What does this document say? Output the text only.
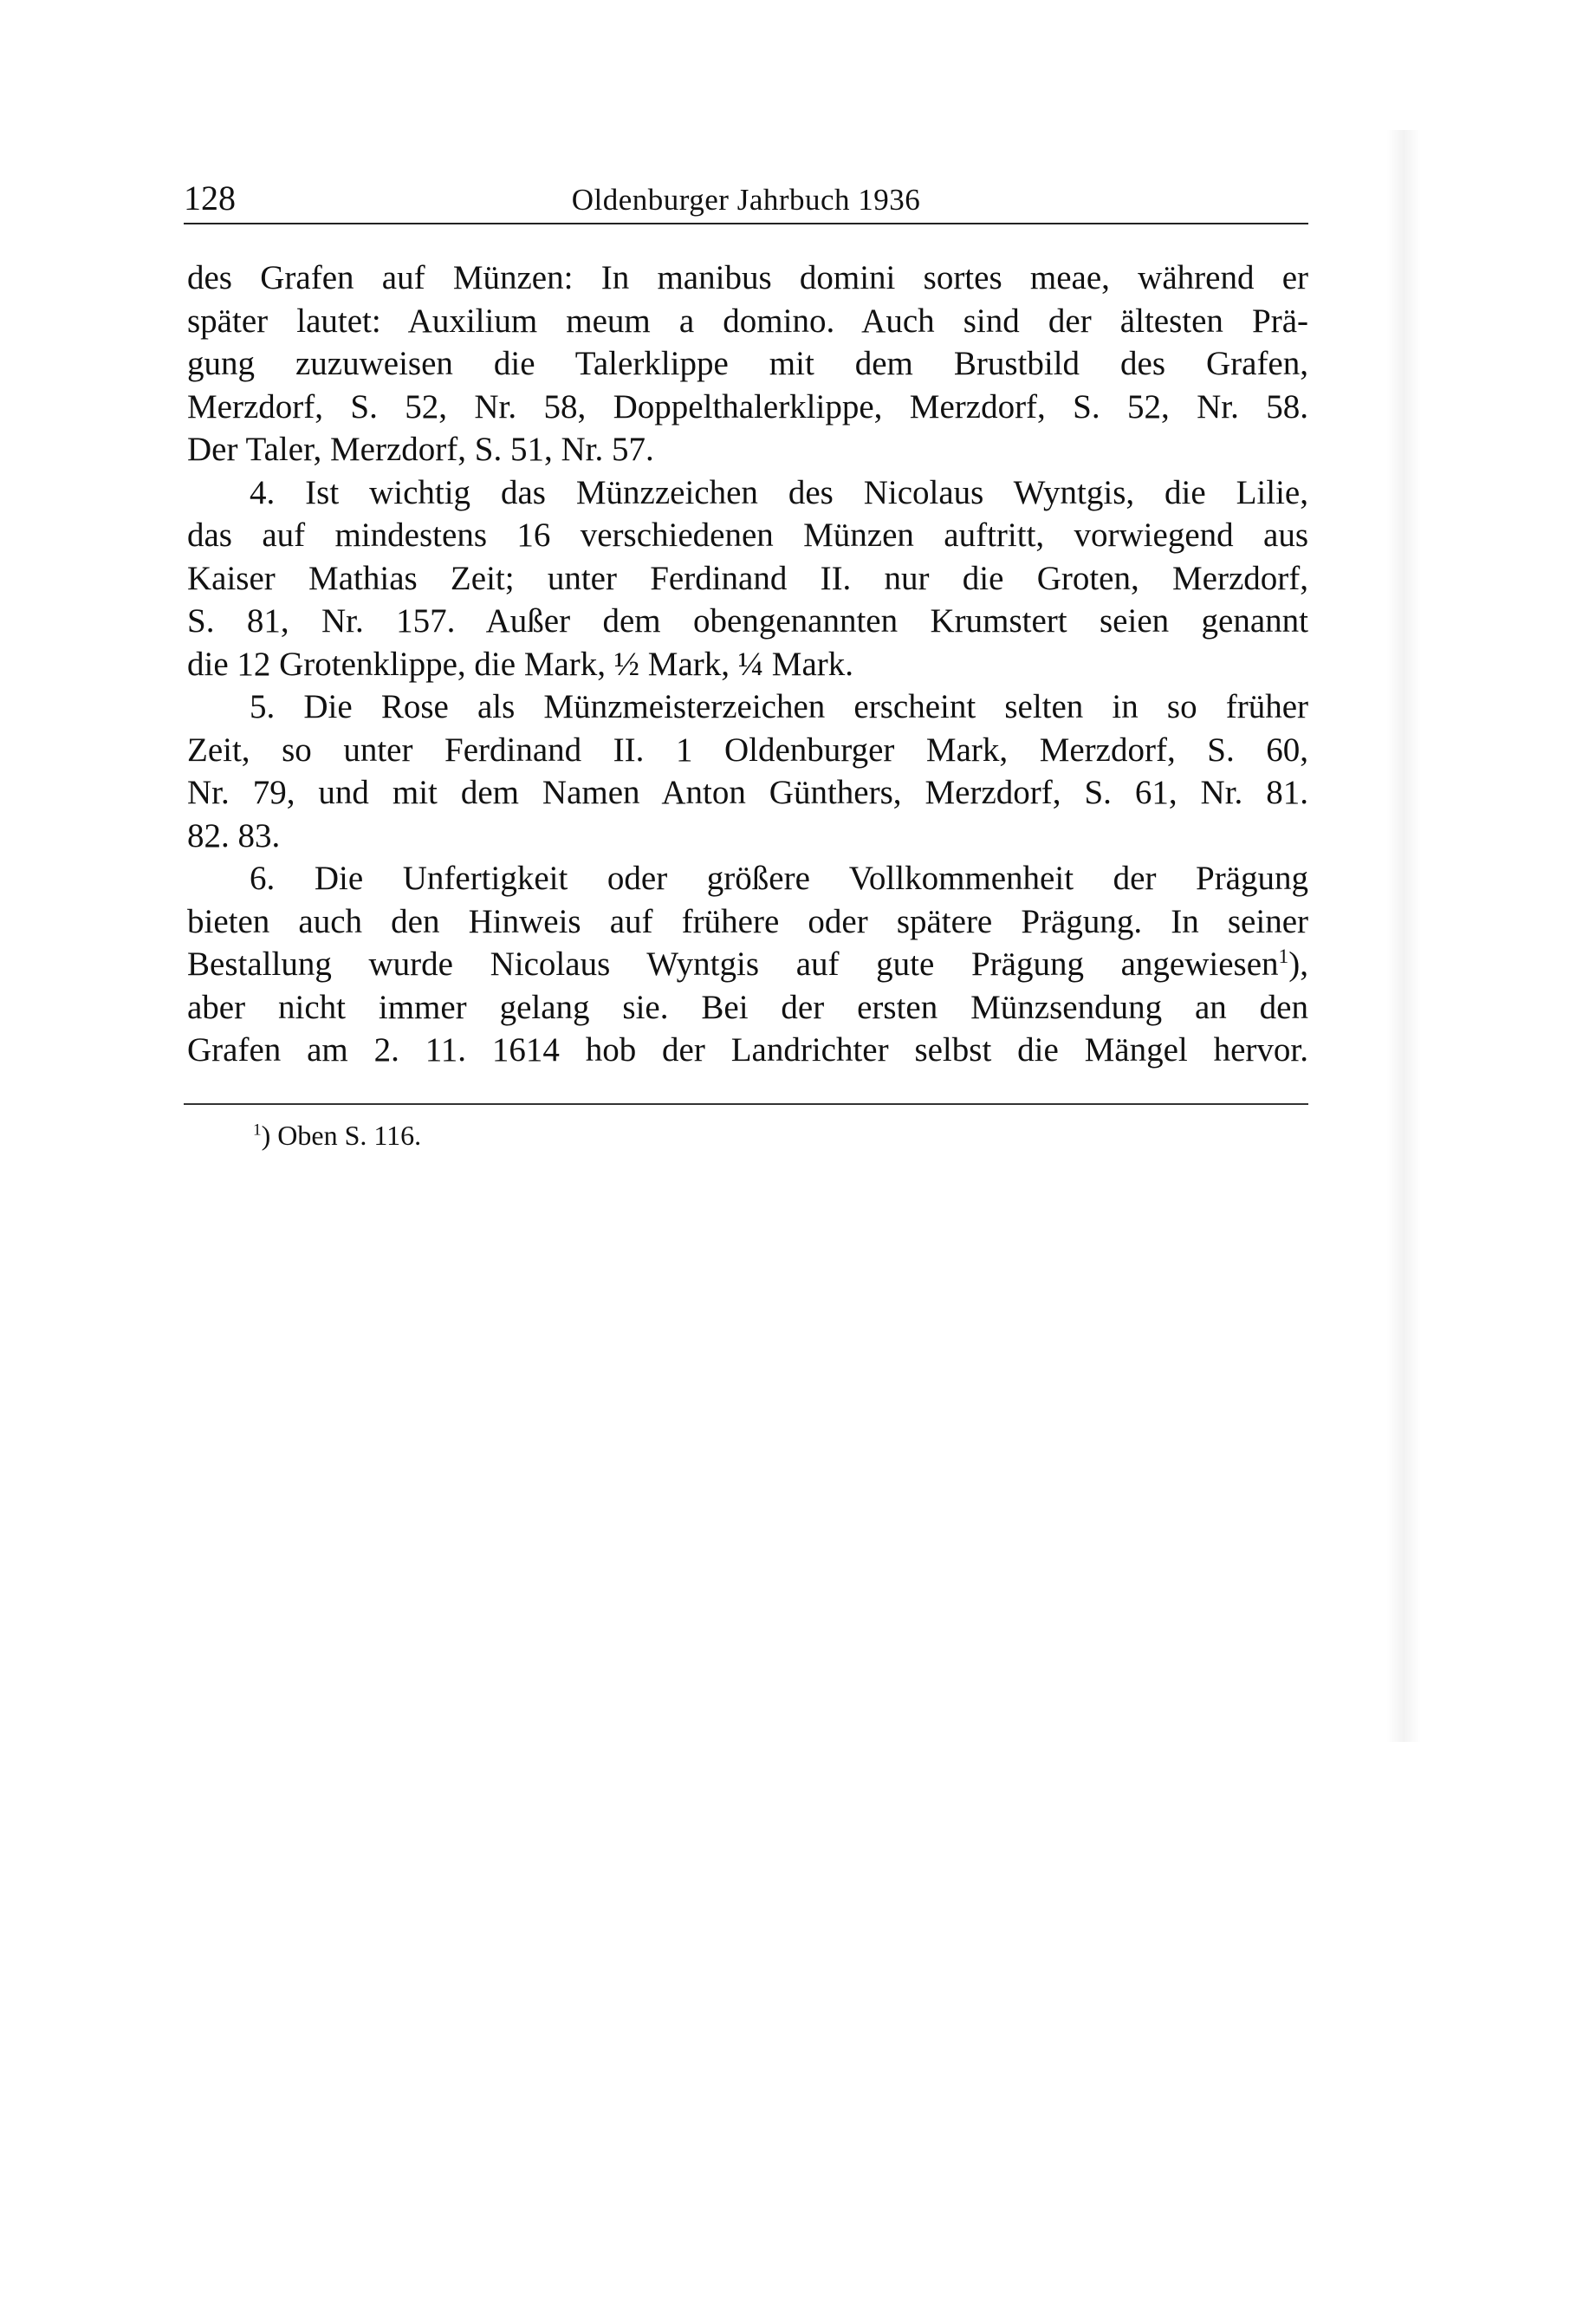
128	Oldenburger Jahrbuch 1936
des Grafen auf Münzen: In manibus domini sortes meae, während er
später lautet: Auxilium meum a domino. Auch sind der ältesten Prä-
gung zuzuweisen die Talerklippe mit dem Brustbild des Grafen,
Merzdorf, S. 52, Nr. 58, Doppelthalerklippe, Merzdorf, S. 52, Nr. 58.
Der Taler, Merzdorf, S. 51, Nr. 57.
4. Ist wichtig das Münzzeichen des Nicolaus Wyntgis, die Lilie,
das auf mindestens 16 verschiedenen Münzen auftritt, vorwiegend aus
Kaiser Mathias Zeit; unter Ferdinand II. nur die Groten, Merzdorf,
S. 81, Nr. 157. Außer dem obengenannten Krumstert seien genannt
die 12 Grotenklippe, die Mark, ½ Mark, ¼ Mark.
5. Die Rose als Münzmeisterzeichen erscheint selten in so früher
Zeit, so unter Ferdinand II. 1 Oldenburger Mark, Merzdorf, S. 60,
Nr. 79, und mit dem Namen Anton Günthers, Merzdorf, S. 61, Nr. 81.
82. 83.
6. Die Unfertigkeit oder größere Vollkommenheit der Prägung
bieten auch den Hinweis auf frühere oder spätere Prägung. In seiner
Bestallung wurde Nicolaus Wyntgis auf gute Prägung angewiesen$^1$),
aber nicht immer gelang sie. Bei der ersten Münzsendung an den
Grafen am 2. 11. 1614 hob der Landrichter selbst die Mängel hervor.
$^1$) Oben S. 116.
